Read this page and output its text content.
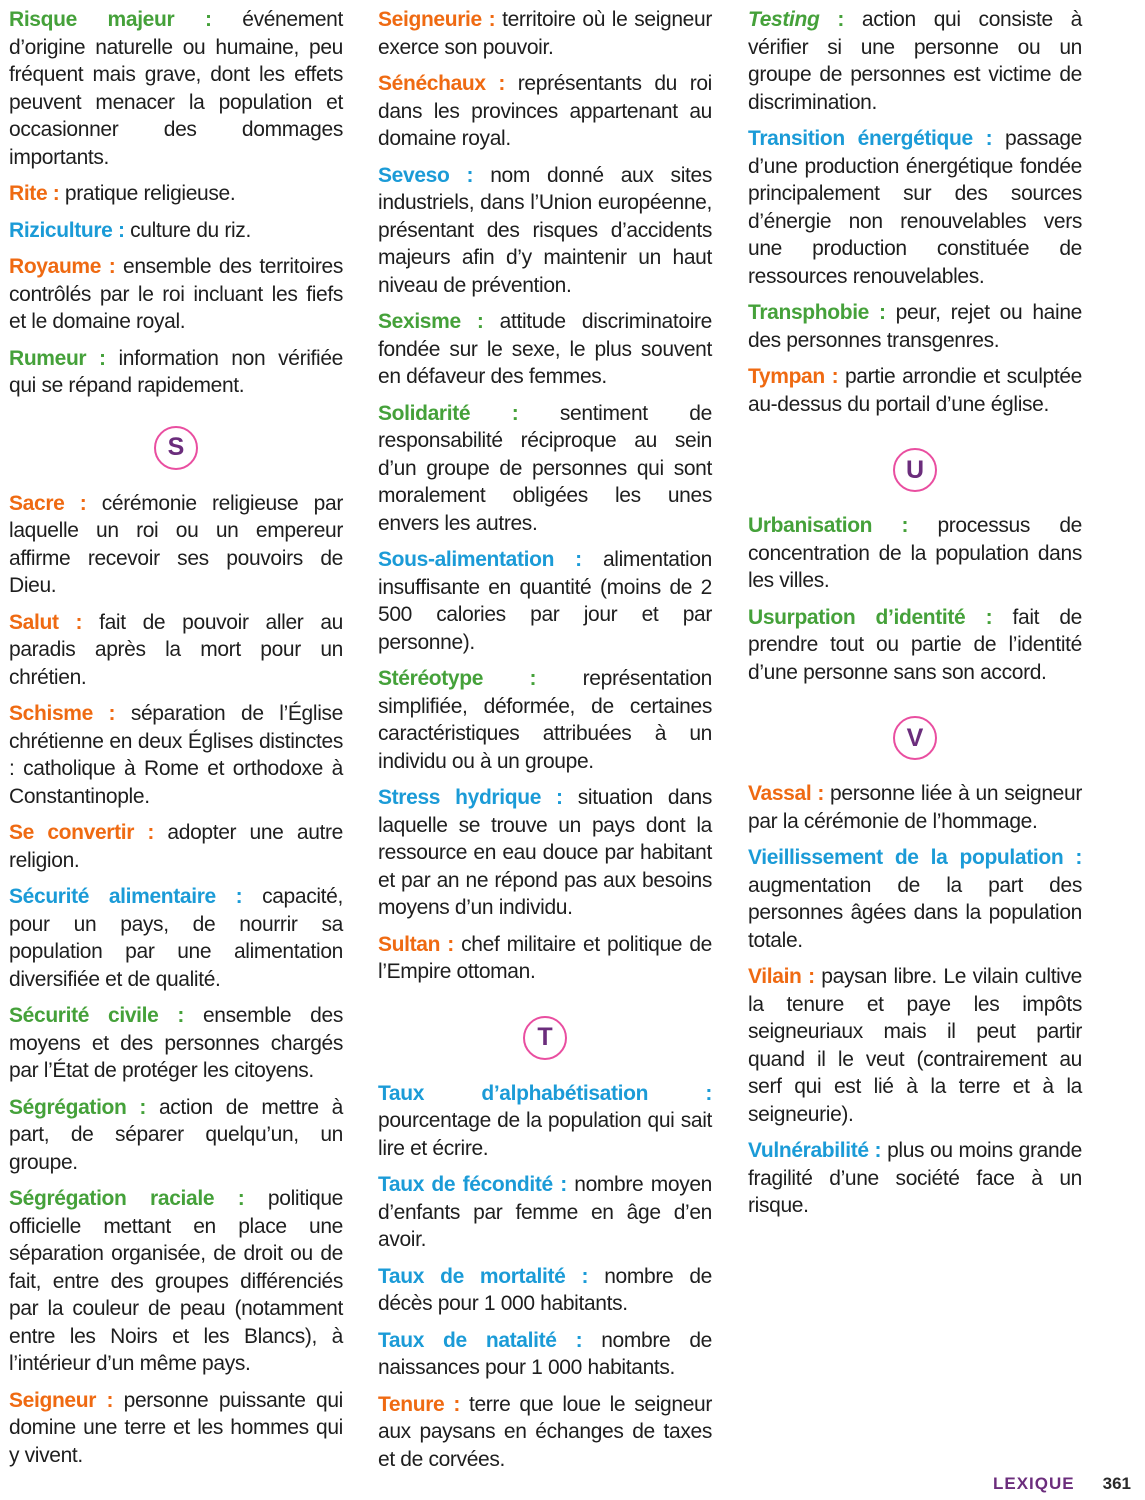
Risque majeur : événement d’origine naturelle ou humaine, peu fréquent mais grave, dont les effets peuvent menacer la population et occasionner des dommages importants.

Rite : pratique religieuse.

Riziculture : culture du riz.

Royaume : ensemble des territoires contrôlés par le roi incluant les fiefs et le domaine royal.

Rumeur : information non vérifiée qui se répand rapidement.

S

Sacre : cérémonie religieuse par laquelle un roi ou un empereur affirme recevoir ses pouvoirs de Dieu.

Salut : fait de pouvoir aller au paradis après la mort pour un chrétien.

Schisme : séparation de l’Église chrétienne en deux Églises distinctes : catholique à Rome et orthodoxe à Constantinople.

Se convertir : adopter une autre religion.

Sécurité alimentaire : capacité, pour un pays, de nourrir sa population par une alimentation diversifiée et de qualité.

Sécurité civile : ensemble des moyens et des personnes chargés par l’État de protéger les citoyens.

Ségrégation : action de mettre à part, de séparer quelqu’un, un groupe.

Ségrégation raciale : politique officielle mettant en place une séparation organisée, de droit ou de fait, entre des groupes différenciés par la couleur de peau (notamment entre les Noirs et les Blancs), à l’intérieur d’un même pays.

Seigneur : personne puissante qui domine une terre et les hommes qui y vivent.

Seigneurie : territoire où le seigneur exerce son pouvoir.

Sénéchaux : représentants du roi dans les provinces appartenant au domaine royal.

Seveso : nom donné aux sites industriels, dans l’Union européenne, présentant des risques d’accidents majeurs afin d’y maintenir un haut niveau de prévention.

Sexisme : attitude discriminatoire fondée sur le sexe, le plus souvent en défaveur des femmes.

Solidarité : sentiment de responsabilité réciproque au sein d’un groupe de personnes qui sont moralement obligées les unes envers les autres.

Sous-alimentation : alimentation insuffisante en quantité (moins de 2 500 calories par jour et par personne).

Stéréotype : représentation simplifiée, déformée, de certaines caractéristiques attribuées à un individu ou à un groupe.

Stress hydrique : situation dans laquelle se trouve un pays dont la ressource en eau douce par habitant et par an ne répond pas aux besoins moyens d’un individu.

Sultan : chef militaire et politique de l’Empire ottoman.

T

Taux d’alphabétisation : pourcentage de la population qui sait lire et écrire.

Taux de fécondité : nombre moyen d’enfants par femme en âge d’en avoir.

Taux de mortalité : nombre de décès pour 1 000 habitants.

Taux de natalité : nombre de naissances pour 1 000 habitants.

Tenure : terre que loue le seigneur aux paysans en échanges de taxes et de corvées.

Testing : action qui consiste à vérifier si une personne ou un groupe de personnes est victime de discrimination.

Transition énergétique : passage d’une production énergétique fondée principalement sur des sources d’énergie non renouvelables vers une production constituée de ressources renouvelables.

Transphobie : peur, rejet ou haine des personnes transgenres.

Tympan : partie arrondie et sculptée au-dessus du portail d’une église.

U

Urbanisation : processus de concentration de la population dans les villes.

Usurpation d’identité : fait de prendre tout ou partie de l’identité d’une personne sans son accord.

V

Vassal : personne liée à un seigneur par la cérémonie de l’hommage.

Vieillissement de la population : augmentation de la part des personnes âgées dans la population totale.

Vilain : paysan libre. Le vilain cultive la tenure et paye les impôts seigneuriaux mais il peut partir quand il le veut (contrairement au serf qui est lié à la terre et à la seigneurie).

Vulnérabilité : plus ou moins grande fragilité d’une société face à un risque.

LEXIQUE 361
